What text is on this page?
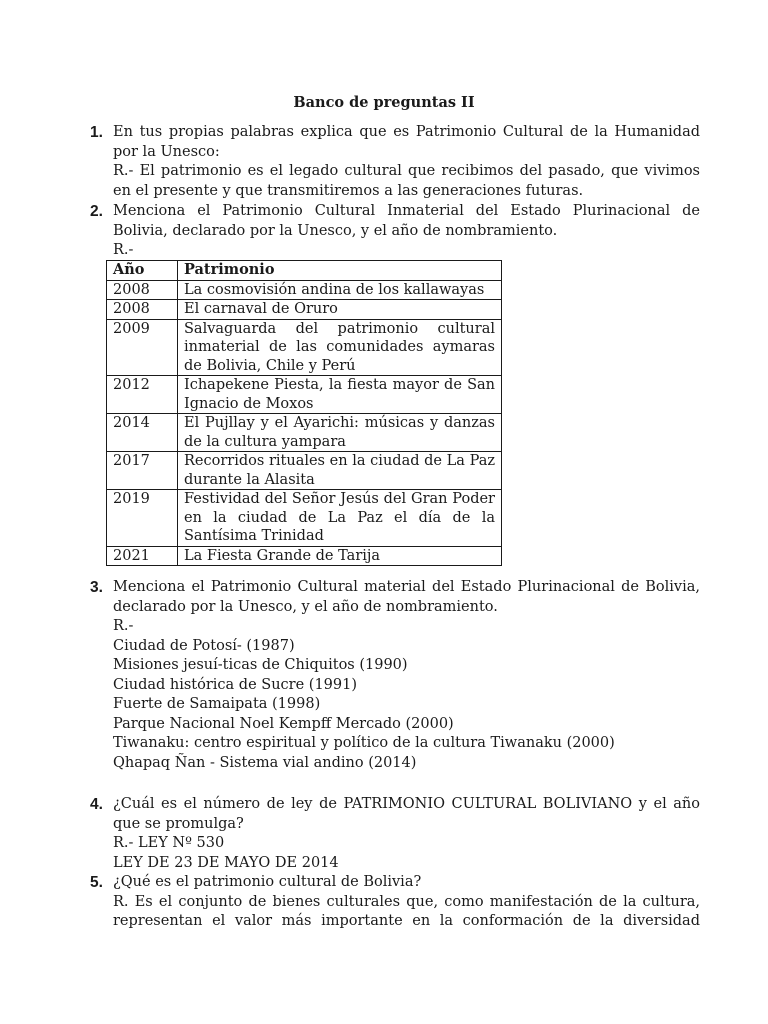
Banco de preguntas II
1. En tus propias palabras explica que es Patrimonio Cultural de la Humanidad por la Unesco:
R.- El patrimonio es el legado cultural que recibimos del pasado, que vivimos en el presente y que transmitiremos a las generaciones futuras.
2. Menciona el Patrimonio Cultural Inmaterial del Estado Plurinacional de Bolivia, declarado por la Unesco, y el año de nombramiento.
R.-
Año	Patrimonio
2008	La cosmovisión andina de los kallawayas
2008	El carnaval de Oruro
2009	Salvaguarda del patrimonio cultural inmaterial de las comunidades aymaras de Bolivia, Chile y Perú
2012	Ichapekene Piesta, la fiesta mayor de San Ignacio de Moxos
2014	El Pujllay y el Ayarichi: músicas y danzas de la cultura yampara
2017	Recorridos rituales en la ciudad de La Paz durante la Alasita
2019	Festividad del Señor Jesús del Gran Poder en la ciudad de La Paz el día de la Santísima Trinidad
2021	La Fiesta Grande de Tarija
3. Menciona el Patrimonio Cultural material del Estado Plurinacional de Bolivia, declarado por la Unesco, y el año de nombramiento.
R.-
Ciudad de Potosí- (1987)
Misiones jesuí-ticas de Chiquitos (1990)
Ciudad histórica de Sucre (1991)
Fuerte de Samaipata (1998)
Parque Nacional Noel Kempff Mercado (2000)
Tiwanaku: centro espiritual y político de la cultura Tiwanaku (2000)
Qhapaq Ñan - Sistema vial andino (2014)
4. ¿Cuál es el número de ley de PATRIMONIO CULTURAL BOLIVIANO y el año que se promulga?
R.- LEY Nº 530
LEY DE 23 DE MAYO DE 2014
5. ¿Qué es el patrimonio cultural de Bolivia?
R. Es el conjunto de bienes culturales que, como manifestación de la cultura, representan el valor más importante en la conformación de la diversidad
